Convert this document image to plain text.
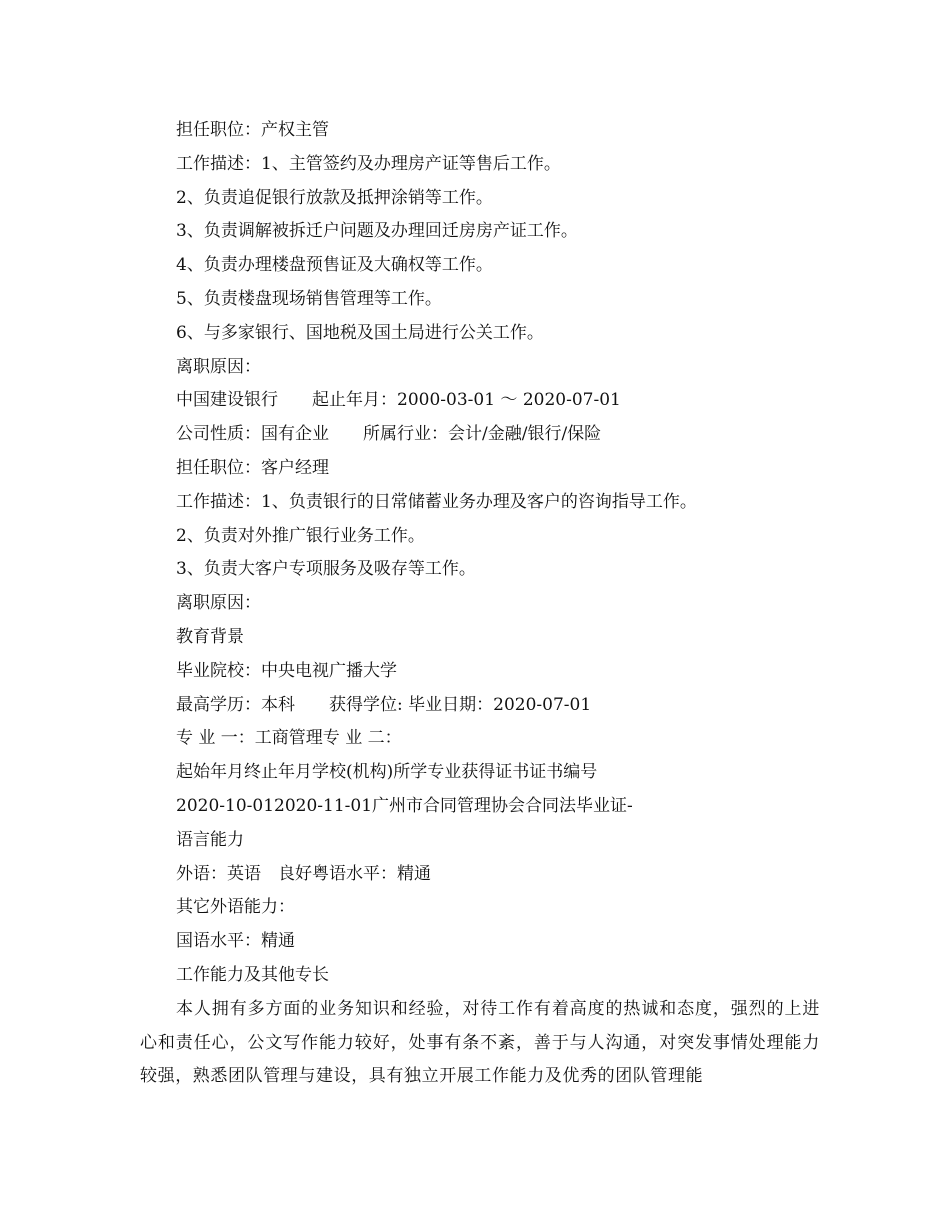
担任职位：产权主管
工作描述：1、主管签约及办理房产证等售后工作。
2、负责追促银行放款及抵押涂销等工作。
3、负责调解被拆迁户问题及办理回迁房房产证工作。
4、负责办理楼盘预售证及大确权等工作。
5、负责楼盘现场销售管理等工作。
6、与多家银行、国地税及国土局进行公关工作。
离职原因：
中国建设银行　　起止年月：2000-03-01 ～ 2020-07-01
公司性质：国有企业　　所属行业：会计/金融/银行/保险
担任职位：客户经理
工作描述：1、负责银行的日常储蓄业务办理及客户的咨询指导工作。
2、负责对外推广银行业务工作。
3、负责大客户专项服务及吸存等工作。
离职原因：
教育背景
毕业院校：中央电视广播大学
最高学历：本科　　获得学位: 毕业日期：2020-07-01
专 业 一：工商管理专 业 二：
起始年月终止年月学校(机构)所学专业获得证书证书编号
2020-10-012020-11-01广州市合同管理协会合同法毕业证-
语言能力
外语：英语　良好粤语水平：精通
其它外语能力：
国语水平：精通
工作能力及其他专长

本人拥有多方面的业务知识和经验，对待工作有着高度的热诚和态度，强烈的上进心和责任心，公文写作能力较好，处事有条不紊，善于与人沟通，对突发事情处理能力较强，熟悉团队管理与建设，具有独立开展工作能力及优秀的团队管理能
